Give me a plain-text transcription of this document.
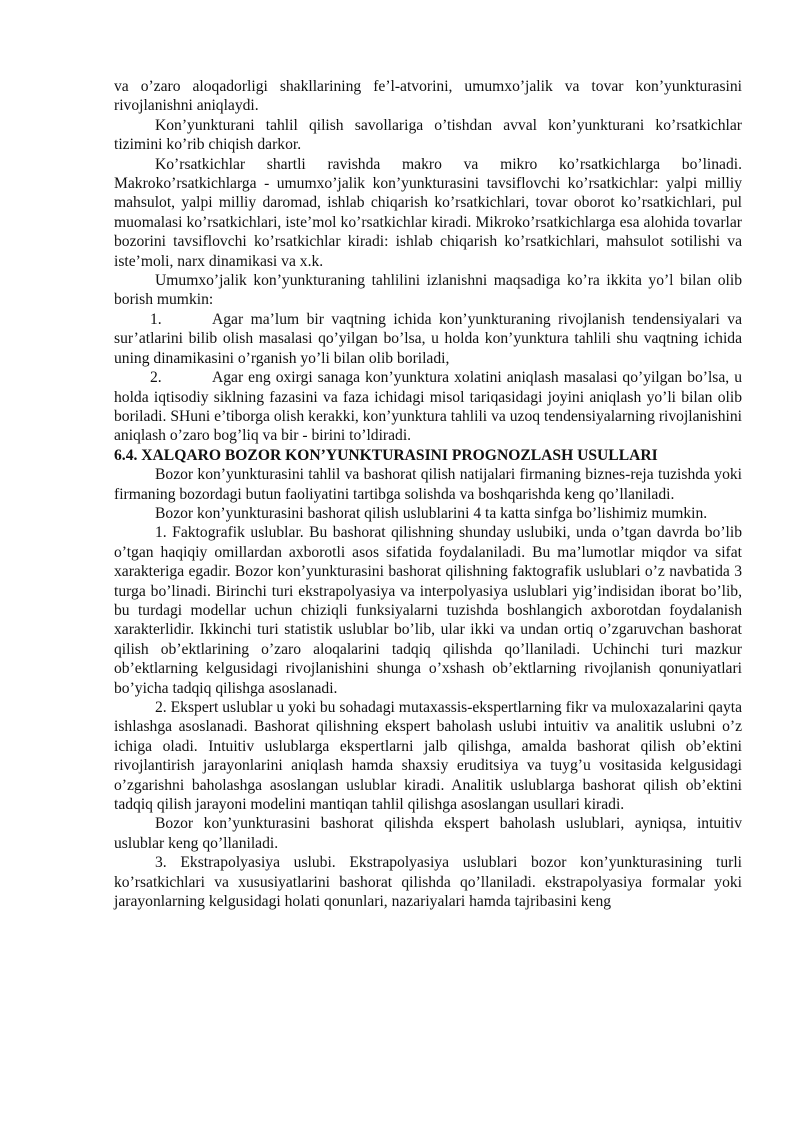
va o’zaro aloqadorligi shakllarining fe’l-atvorini, umumxo’jalik va tovar kon’yunkturasini rivojlanishni aniqlaydi.

Kon’yunkturani tahlil qilish savollariga o’tishdan avval kon’yunkturani ko’rsatkichlar tizimini ko’rib chiqish darkor.

Ko’rsatkichlar shartli ravishda makro va mikro ko’rsatkichlarga bo’linadi. Makroko’rsatkichlarga - umumxo’jalik kon’yunkturasini tavsiflovchi ko’rsatkichlar: yalpi milliy mahsulot, yalpi milliy daromad, ishlab chiqarish ko’rsatkichlari, tovar oborot ko’rsatkichlari, pul muomalasi ko’rsatkichlari, iste’mol ko’rsatkichlar kiradi. Mikroko’rsatkichlarga esa alohida tovarlar bozorini tavsiflovchi ko’rsatkichlar kiradi: ishlab chiqarish ko’rsatkichlari, mahsulot sotilishi va iste’moli, narx dinamikasi va x.k.

Umumxo’jalik kon’yunkturaning tahlilini izlanishni maqsadiga ko’ra ikkita yo’l bilan olib borish mumkin:

1.	Agar ma’lum bir vaqtning ichida kon’yunkturaning rivojlanish tendensiyalari va sur’atlarini bilib olish masalasi qo’yilgan bo’lsa, u holda kon’yunktura tahlili shu vaqtning ichida uning dinamikasini o’rganish yo’li bilan olib boriladi,

2.	Agar eng oxirgi sanaga kon’yunktura xolatini aniqlash masalasi qo’yilgan bo’lsa, u holda iqtisodiy siklning fazasini va faza ichidagi misol tariqasidagi joyini aniqlash yo’li bilan olib boriladi. SHuni e’tiborga olish kerakki, kon’yunktura tahlili va uzoq tendensiyalarning rivojlanishini aniqlash o’zaro bog’liq va bir - birini to’ldiradi.

6.4. XALQARO BOZOR KON’YUNKTURASINI PROGNOZLASH USULLARI

Bozor kon’yunkturasini tahlil va bashorat qilish natijalari firmaning biznes-reja tuzishda yoki firmaning bozordagi butun faoliyatini tartibga solishda va boshqarishda keng qo’llaniladi.

Bozor kon’yunkturasini bashorat qilish uslublarini 4 ta katta sinfga bo’lishimiz mumkin.

1. Faktografik uslublar. Bu bashorat qilishning shunday uslubiki, unda o’tgan davrda bo’lib o’tgan haqiqiy omillardan axborotli asos sifatida foydalaniladi. Bu ma’lumotlar miqdor va sifat xarakteriga egadir. Bozor kon’yunkturasini bashorat qilishning faktografik uslublari o’z navbatida 3 turga bo’linadi. Birinchi turi ekstrapolyasiya va interpolyasiya uslublari yig’indisidan iborat bo’lib, bu turdagi modellar uchun chiziqli funksiyalarni tuzishda boshlangich axborotdan foydalanish xarakterlidir. Ikkinchi turi statistik uslublar bo’lib, ular ikki va undan ortiq o’zgaruvchan bashorat qilish ob’ektlarining o’zaro aloqalarini tadqiq qilishda qo’llaniladi. Uchinchi turi mazkur ob’ektlarning kelgusidagi rivojlanishini shunga o’xshash ob’ektlarning rivojlanish qonuniyatlari bo’yicha tadqiq qilishga asoslanadi.

2. Ekspert uslublar u yoki bu sohadagi mutaxassis-ekspertlarning fikr va muloxazalarini qayta ishlashga asoslanadi. Bashorat qilishning ekspert baholash uslubi intuitiv va analitik uslubni o’z ichiga oladi. Intuitiv uslublarga ekspertlarni jalb qilishga, amalda bashorat qilish ob’ektini rivojlantirish jarayonlarini aniqlash hamda shaxsiy eruditsiya va tuyg’u vositasida kelgusidagi o’zgarishni baholashga asoslangan uslublar kiradi. Analitik uslublarga bashorat qilish ob’ektini tadqiq qilish jarayoni modelini mantiqan tahlil qilishga asoslangan usullari kiradi.

Bozor kon’yunkturasini bashorat qilishda ekspert baholash uslublari, ayniqsa, intuitiv uslublar keng qo’llaniladi.

3. Ekstrapolyasiya uslubi. Ekstrapolyasiya uslublari bozor kon’yunkturasining turli ko’rsatkichlari va xususiyatlarini bashorat qilishda qo’llaniladi. ekstrapolyasiya formalar yoki jarayonlarning kelgusidagi holati qonunlari, nazariyalari hamda tajribasini keng
